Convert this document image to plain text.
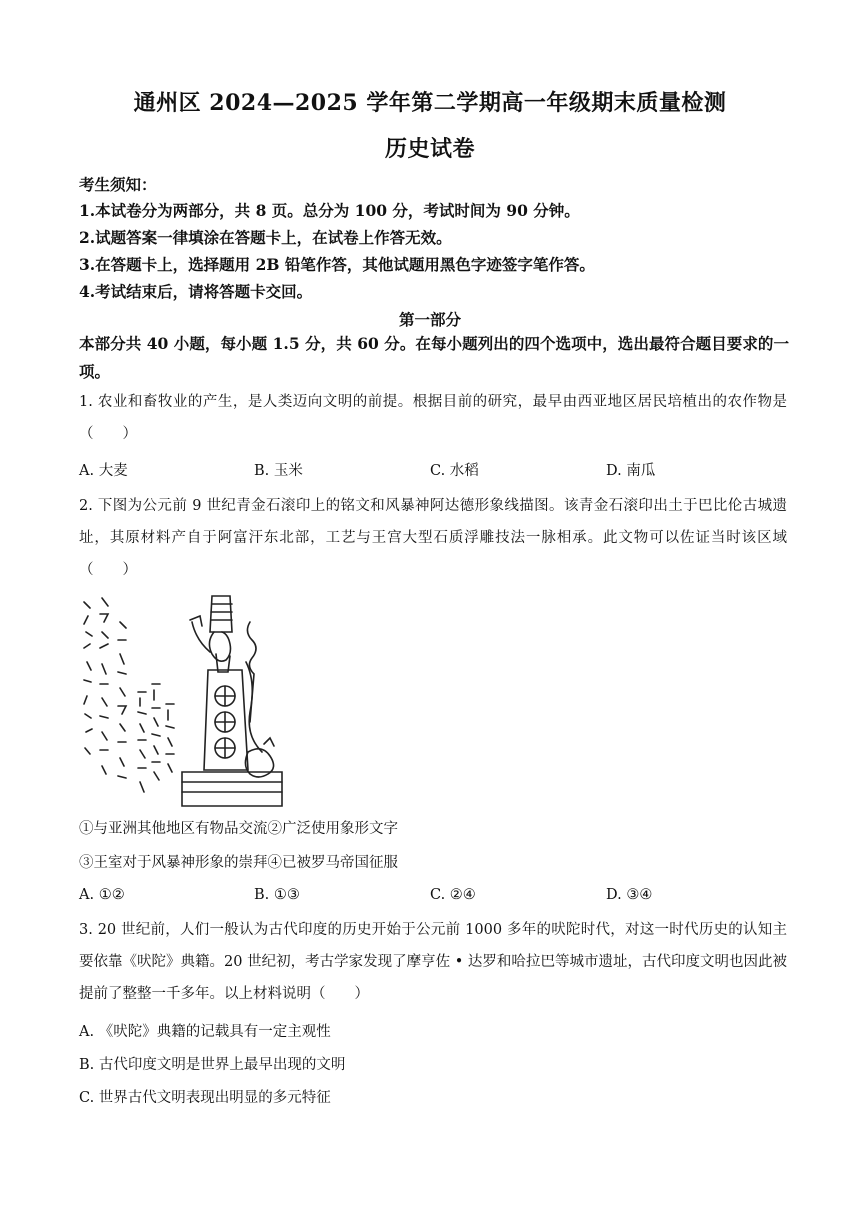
通州区 2024—2025 学年第二学期高一年级期末质量检测
历史试卷
考生须知：
1.本试卷分为两部分，共 8 页。总分为 100 分，考试时间为 90 分钟。
2.试题答案一律填涂在答题卡上，在试卷上作答无效。
3.在答题卡上，选择题用 2B 铅笔作答，其他试题用黑色字迹签字笔作答。
4.考试结束后，请将答题卡交回。
第一部分
本部分共 40 小题，每小题 1.5 分，共 60 分。在每小题列出的四个选项中，选出最符合题目要求的一项。
1. 农业和畜牧业的产生，是人类迈向文明的前提。根据目前的研究，最早由西亚地区居民培植出的农作物是（　　）
A. 大麦	B. 玉米	C. 水稻	D. 南瓜
2. 下图为公元前 9 世纪青金石滚印上的铭文和风暴神阿达德形象线描图。该青金石滚印出土于巴比伦古城遗址，其原材料产自于阿富汗东北部，工艺与王宫大型石质浮雕技法一脉相承。此文物可以佐证当时该区域（　　）
①与亚洲其他地区有物品交流②广泛使用象形文字
③王室对于风暴神形象的崇拜④已被罗马帝国征服
A. ①②	B. ①③	C. ②④	D. ③④
3. 20 世纪前，人们一般认为古代印度的历史开始于公元前 1000 多年的吠陀时代，对这一时代历史的认知主要依靠《吠陀》典籍。20 世纪初，考古学家发现了摩亨佐 • 达罗和哈拉巴等城市遗址，古代印度文明也因此被提前了整整一千多年。以上材料说明（　　）
A. 《吠陀》典籍的记载具有一定主观性
B. 古代印度文明是世界上最早出现的文明
C. 世界古代文明表现出明显的多元特征
